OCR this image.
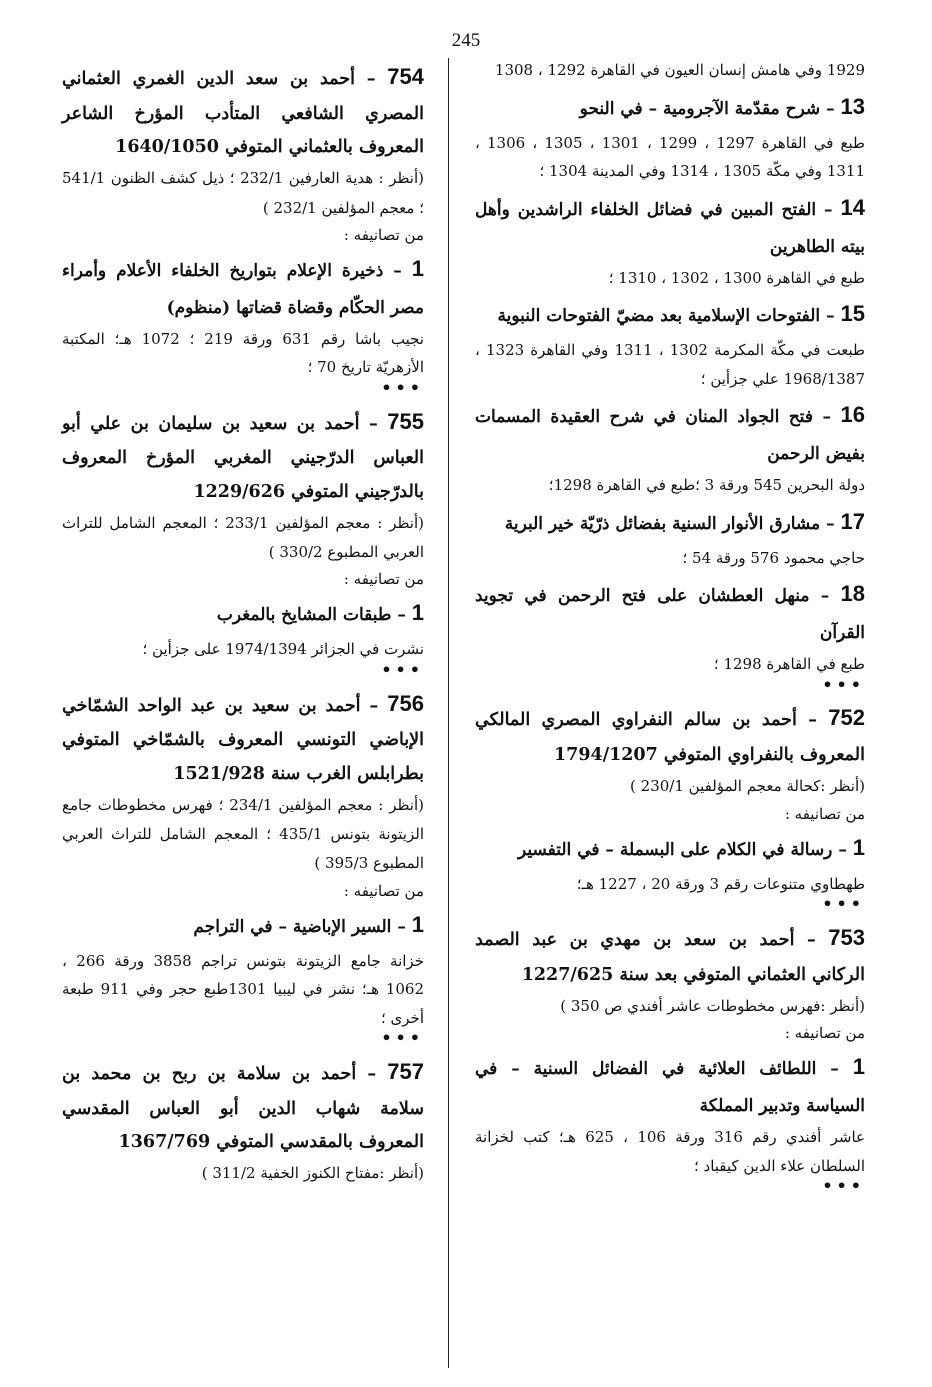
245

1929 وفي هامش إنسان العيون في القاهرة 1292 ، 1308

13 – شرح مقدّمة الآجرومية – في النحو

طبع في القاهرة 1297 ، 1299 ، 1301 ، 1305 ، 1306 ، 1311 وفي مكّة 1305 ، 1314 وفي المدينة 1304 ؛

14 – الفتح المبين في فضائل الخلفاء الراشدين وأهل بيته الطاهرين

طبع في القاهرة 1300 ، 1302 ، 1310 ؛

15 – الفتوحات الإسلامية بعد مضيّ الفتوحات النبوية

طبعت في مكّة المكرمة 1302 ، 1311 وفي القاهرة 1323 ، 1968/1387 علي جزأين ؛

16 – فتح الجواد المنان في شرح العقيدة المسمات بفيض الرحمن

دولة البحرين 545 ورقة 3 ؛طبع في القاهرة 1298؛

17 – مشارق الأنوار السنية بفضائل ذرّيّة خير البرية

حاجي محمود 576 ورقة 54 ؛

18 – منهل العطشان على فتح الرحمن في تجويد القرآن

طبع في القاهرة 1298 ؛

•••

752 – أحمد بن سالم النفراوي المصري المالكي المعروف بالنفراوي المتوفي 1794/1207

(أنظر :كحالة معجم المؤلفين 230/1 )

من تصانيفه :

1 – رسالة في الكلام على البسملة – في التفسير

طهطاوي متنوعات رقم 3 ورقة 20 ، 1227 هـ؛

•••

753 – أحمد بن سعد بن مهدي بن عبد الصمد الركاني العثماني المتوفي بعد سنة 1227/625

(أنظر :فهرس مخطوطات عاشر أفندي ص 350 )

من تصانيفه :

1 – اللطائف العلائية في الفضائل السنية – في السياسة وتدبير المملكة

عاشر أفندي رقم 316 ورقة 106 ، 625 هـ؛ كتب لخزانة السلطان علاء الدين كيقباد ؛

•••

754 – أحمد بن سعد الدين الغمري العثماني المصري الشافعي المتأدب المؤرخ الشاعر المعروف بالعثماني المتوفي 1640/1050

(أنظر : هدية العارفين 232/1 ؛ ذيل كشف الظنون 541/1 ؛ معجم المؤلفين 232/1 )

من تصانيفه :

1 – ذخيرة الإعلام بتواريخ الخلفاء الأعلام وأمراء مصر الحكّام وقضاة قضاتها (منظوم)

نجيب باشا رقم 631 ورقة 219 ؛ 1072 هـ؛ المكتبة الأزهريّة تاريخ 70 ؛

•••

755 – أحمد بن سعيد بن سليمان بن علي أبو العباس الدرّجيني المغربي المؤرخ المعروف بالدرّجيني المتوفي 1229/626

(أنظر : معجم المؤلفين 233/1 ؛ المعجم الشامل للتراث العربي المطبوع 330/2 )

من تصانيفه :

1 – طبقات المشايخ بالمغرب

نشرت في الجزائر 1974/1394 على جزأين ؛

•••

756 – أحمد بن سعيد بن عبد الواحد الشمّاخي الإباضي التونسي المعروف بالشمّاخي المتوفي بطرابلس الغرب سنة 1521/928

(أنظر : معجم المؤلفين 234/1 ؛ فهرس مخطوطات جامع الزيتونة بتونس 435/1 ؛ المعجم الشامل للتراث العربي المطبوع 395/3 )

من تصانيفه :

1 – السير الإباضية – في التراجم

خزانة جامع الزيتونة بتونس تراجم 3858 ورقة 266 ، 1062 هـ؛ نشر في ليبيا 1301طبع حجر وفي 911 طبعة أخرى ؛

•••

757 – أحمد بن سلامة بن ربح بن محمد بن سلامة شهاب الدين أبو العباس المقدسي المعروف بالمقدسي المتوفي 1367/769

(أنظر :مفتاح الكنوز الخفية 311/2 )
